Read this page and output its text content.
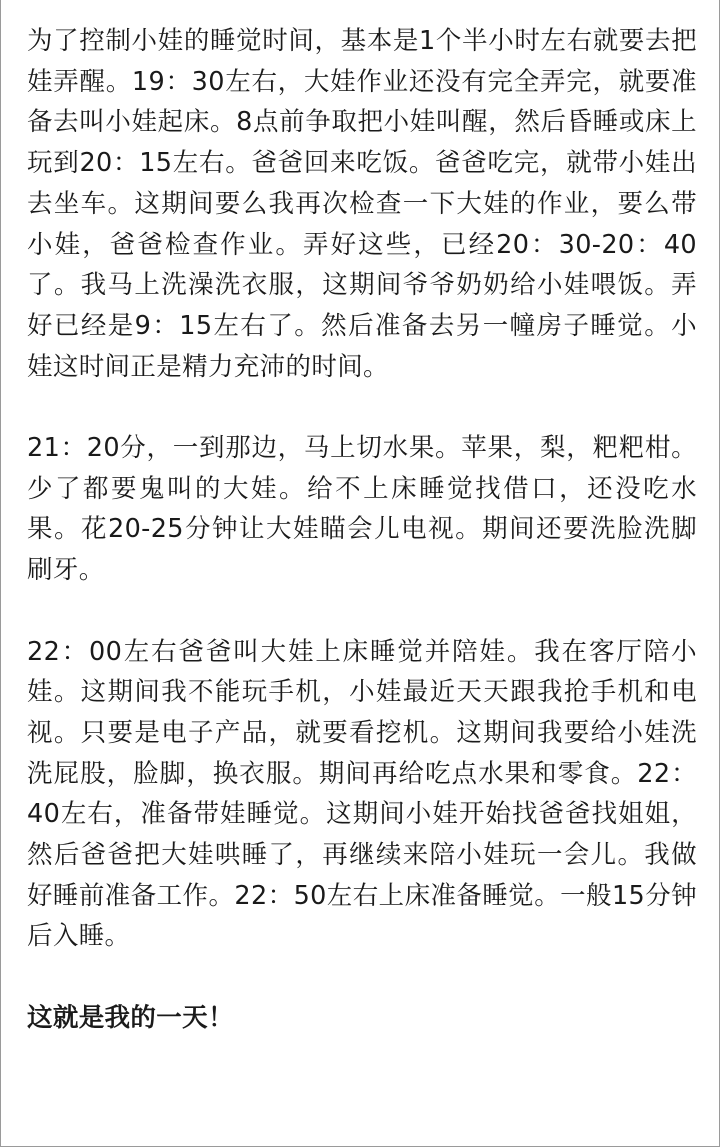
为了控制小娃的睡觉时间，基本是1个半小时左右就要去把娃弄醒。19：30左右，大娃作业还没有完全弄完，就要准备去叫小娃起床。8点前争取把小娃叫醒，然后昏睡或床上玩到20：15左右。爸爸回来吃饭。爸爸吃完，就带小娃出去坐车。这期间要么我再次检查一下大娃的作业，要么带小娃，爸爸检查作业。弄好这些，已经20：30-20：40了。我马上洗澡洗衣服，这期间爷爷奶奶给小娃喂饭。弄好已经是9：15左右了。然后准备去另一幢房子睡觉。小娃这时间正是精力充沛的时间。

21：20分，一到那边，马上切水果。苹果，梨，粑粑柑。少了都要鬼叫的大娃。给不上床睡觉找借口，还没吃水果。花20-25分钟让大娃瞄会儿电视。期间还要洗脸洗脚刷牙。

22：00左右爸爸叫大娃上床睡觉并陪娃。我在客厅陪小娃。这期间我不能玩手机，小娃最近天天跟我抢手机和电视。只要是电子产品，就要看挖机。这期间我要给小娃洗洗屁股，脸脚，换衣服。期间再给吃点水果和零食。22：40左右，准备带娃睡觉。这期间小娃开始找爸爸找姐姐，然后爸爸把大娃哄睡了，再继续来陪小娃玩一会儿。我做好睡前准备工作。22：50左右上床准备睡觉。一般15分钟后入睡。

这就是我的一天！
